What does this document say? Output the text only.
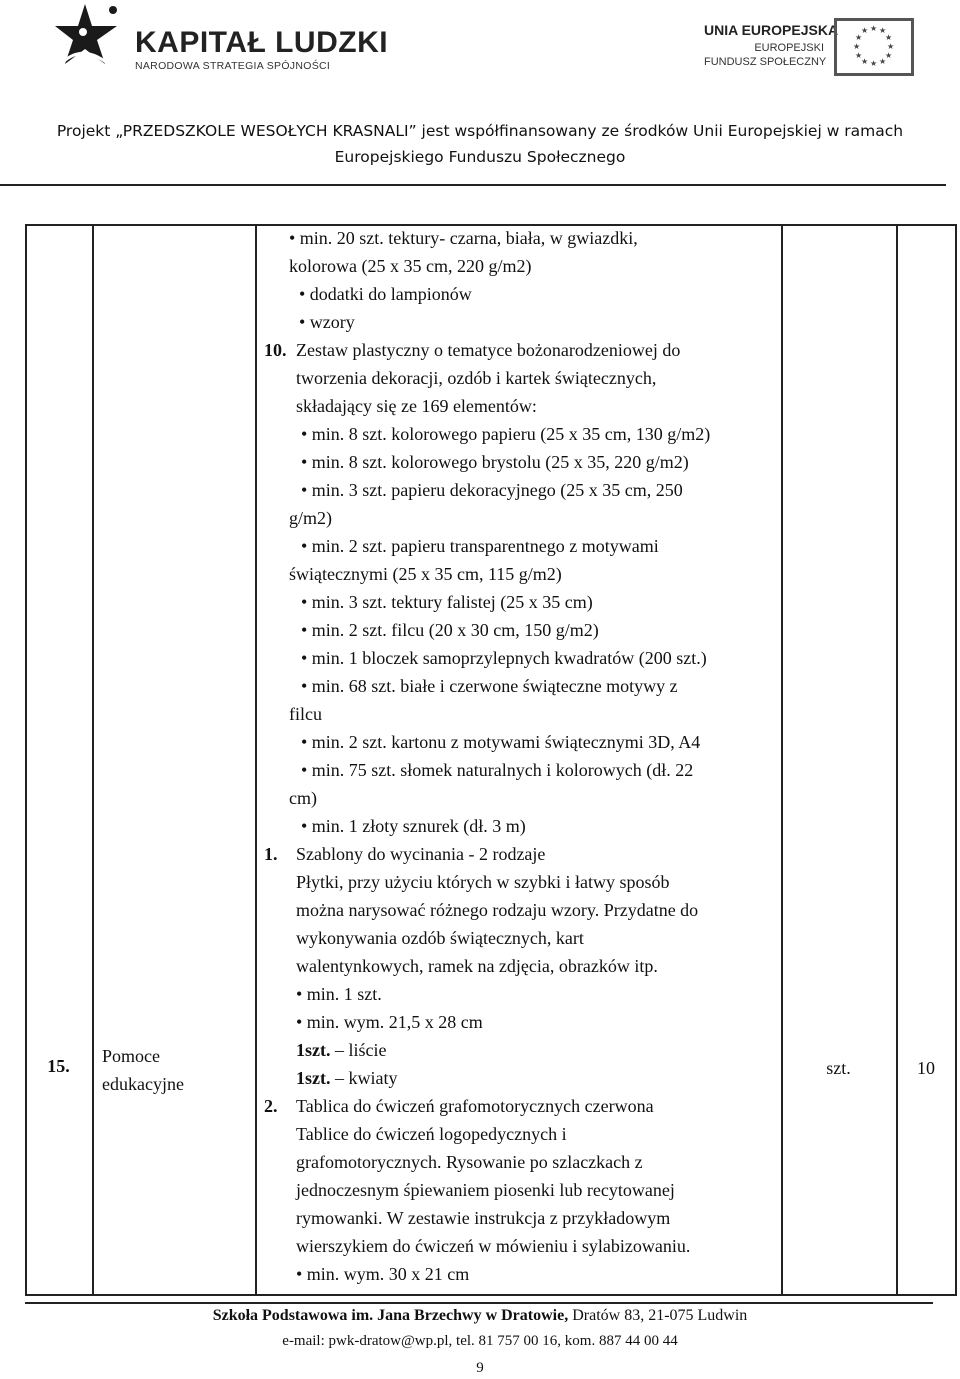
KAPITAŁ LUDZKI
NARODOWA STRATEGIA SPÓJNOŚCI
UNIA EUROPEJSKA
EUROPEJSKI
FUNDUSZ SPOŁECZNY
★ ★
★
★
★
★
★
★
★
★
★
★
Projekt „PRZEDSZKOLE WESOŁYCH KRASNALI” jest współfinansowany ze środków Unii Europejskiej w ramach
Europejskiego Funduszu Społecznego
15.	Pomoce
edukacyjne
• min. 20 szt. tektury- czarna, biała, w gwiazdki,
kolorowa (25 x 35 cm, 220 g/m2)
• dodatki do lampionów
• wzory
10. Zestaw plastyczny o tematyce bożonarodzeniowej do
tworzenia dekoracji, ozdób i kartek świątecznych,
składający się ze 169 elementów:
• min. 8 szt. kolorowego papieru (25 x 35 cm, 130 g/m2)
• min. 8 szt. kolorowego brystolu (25 x 35, 220 g/m2)
• min. 3 szt. papieru dekoracyjnego (25 x 35 cm, 250
g/m2)
• min. 2 szt. papieru transparentnego z motywami
świątecznymi (25 x 35 cm, 115 g/m2)
• min. 3 szt. tektury falistej (25 x 35 cm)
• min. 2 szt. filcu (20 x 30 cm, 150 g/m2)
• min. 1 bloczek samoprzylepnych kwadratów (200 szt.)
• min. 68 szt. białe i czerwone świąteczne motywy z
filcu
• min. 2 szt. kartonu z motywami świątecznymi 3D, A4
• min. 75 szt. słomek naturalnych i kolorowych (dł. 22
cm)
• min. 1 złoty sznurek (dł. 3 m)
1. Szablony do wycinania - 2 rodzaje
Płytki, przy użyciu których w szybki i łatwy sposób
można narysować różnego rodzaju wzory. Przydatne do
wykonywania ozdób świątecznych, kart
walentynkowych, ramek na zdjęcia, obrazków itp.
• min. 1 szt.
• min. wym. 21,5 x 28 cm
1szt. – liście
1szt. – kwiaty
2. Tablica do ćwiczeń grafomotorycznych czerwona
Tablice do ćwiczeń logopedycznych i
grafomotorycznych. Rysowanie po szlaczkach z
jednoczesnym śpiewaniem piosenki lub recytowanej
rymowanki. W zestawie instrukcja z przykładowym
wierszykiem do ćwiczeń w mówieniu i sylabizowaniu.
• min. wym. 30 x 21 cm
szt.	10
Szkoła Podstawowa im. Jana Brzechwy w Dratowie, Dratów 83, 21-075 Ludwin
e-mail: pwk-dratow@wp.pl, tel. 81 757 00 16, kom. 887 44 00 44
9
